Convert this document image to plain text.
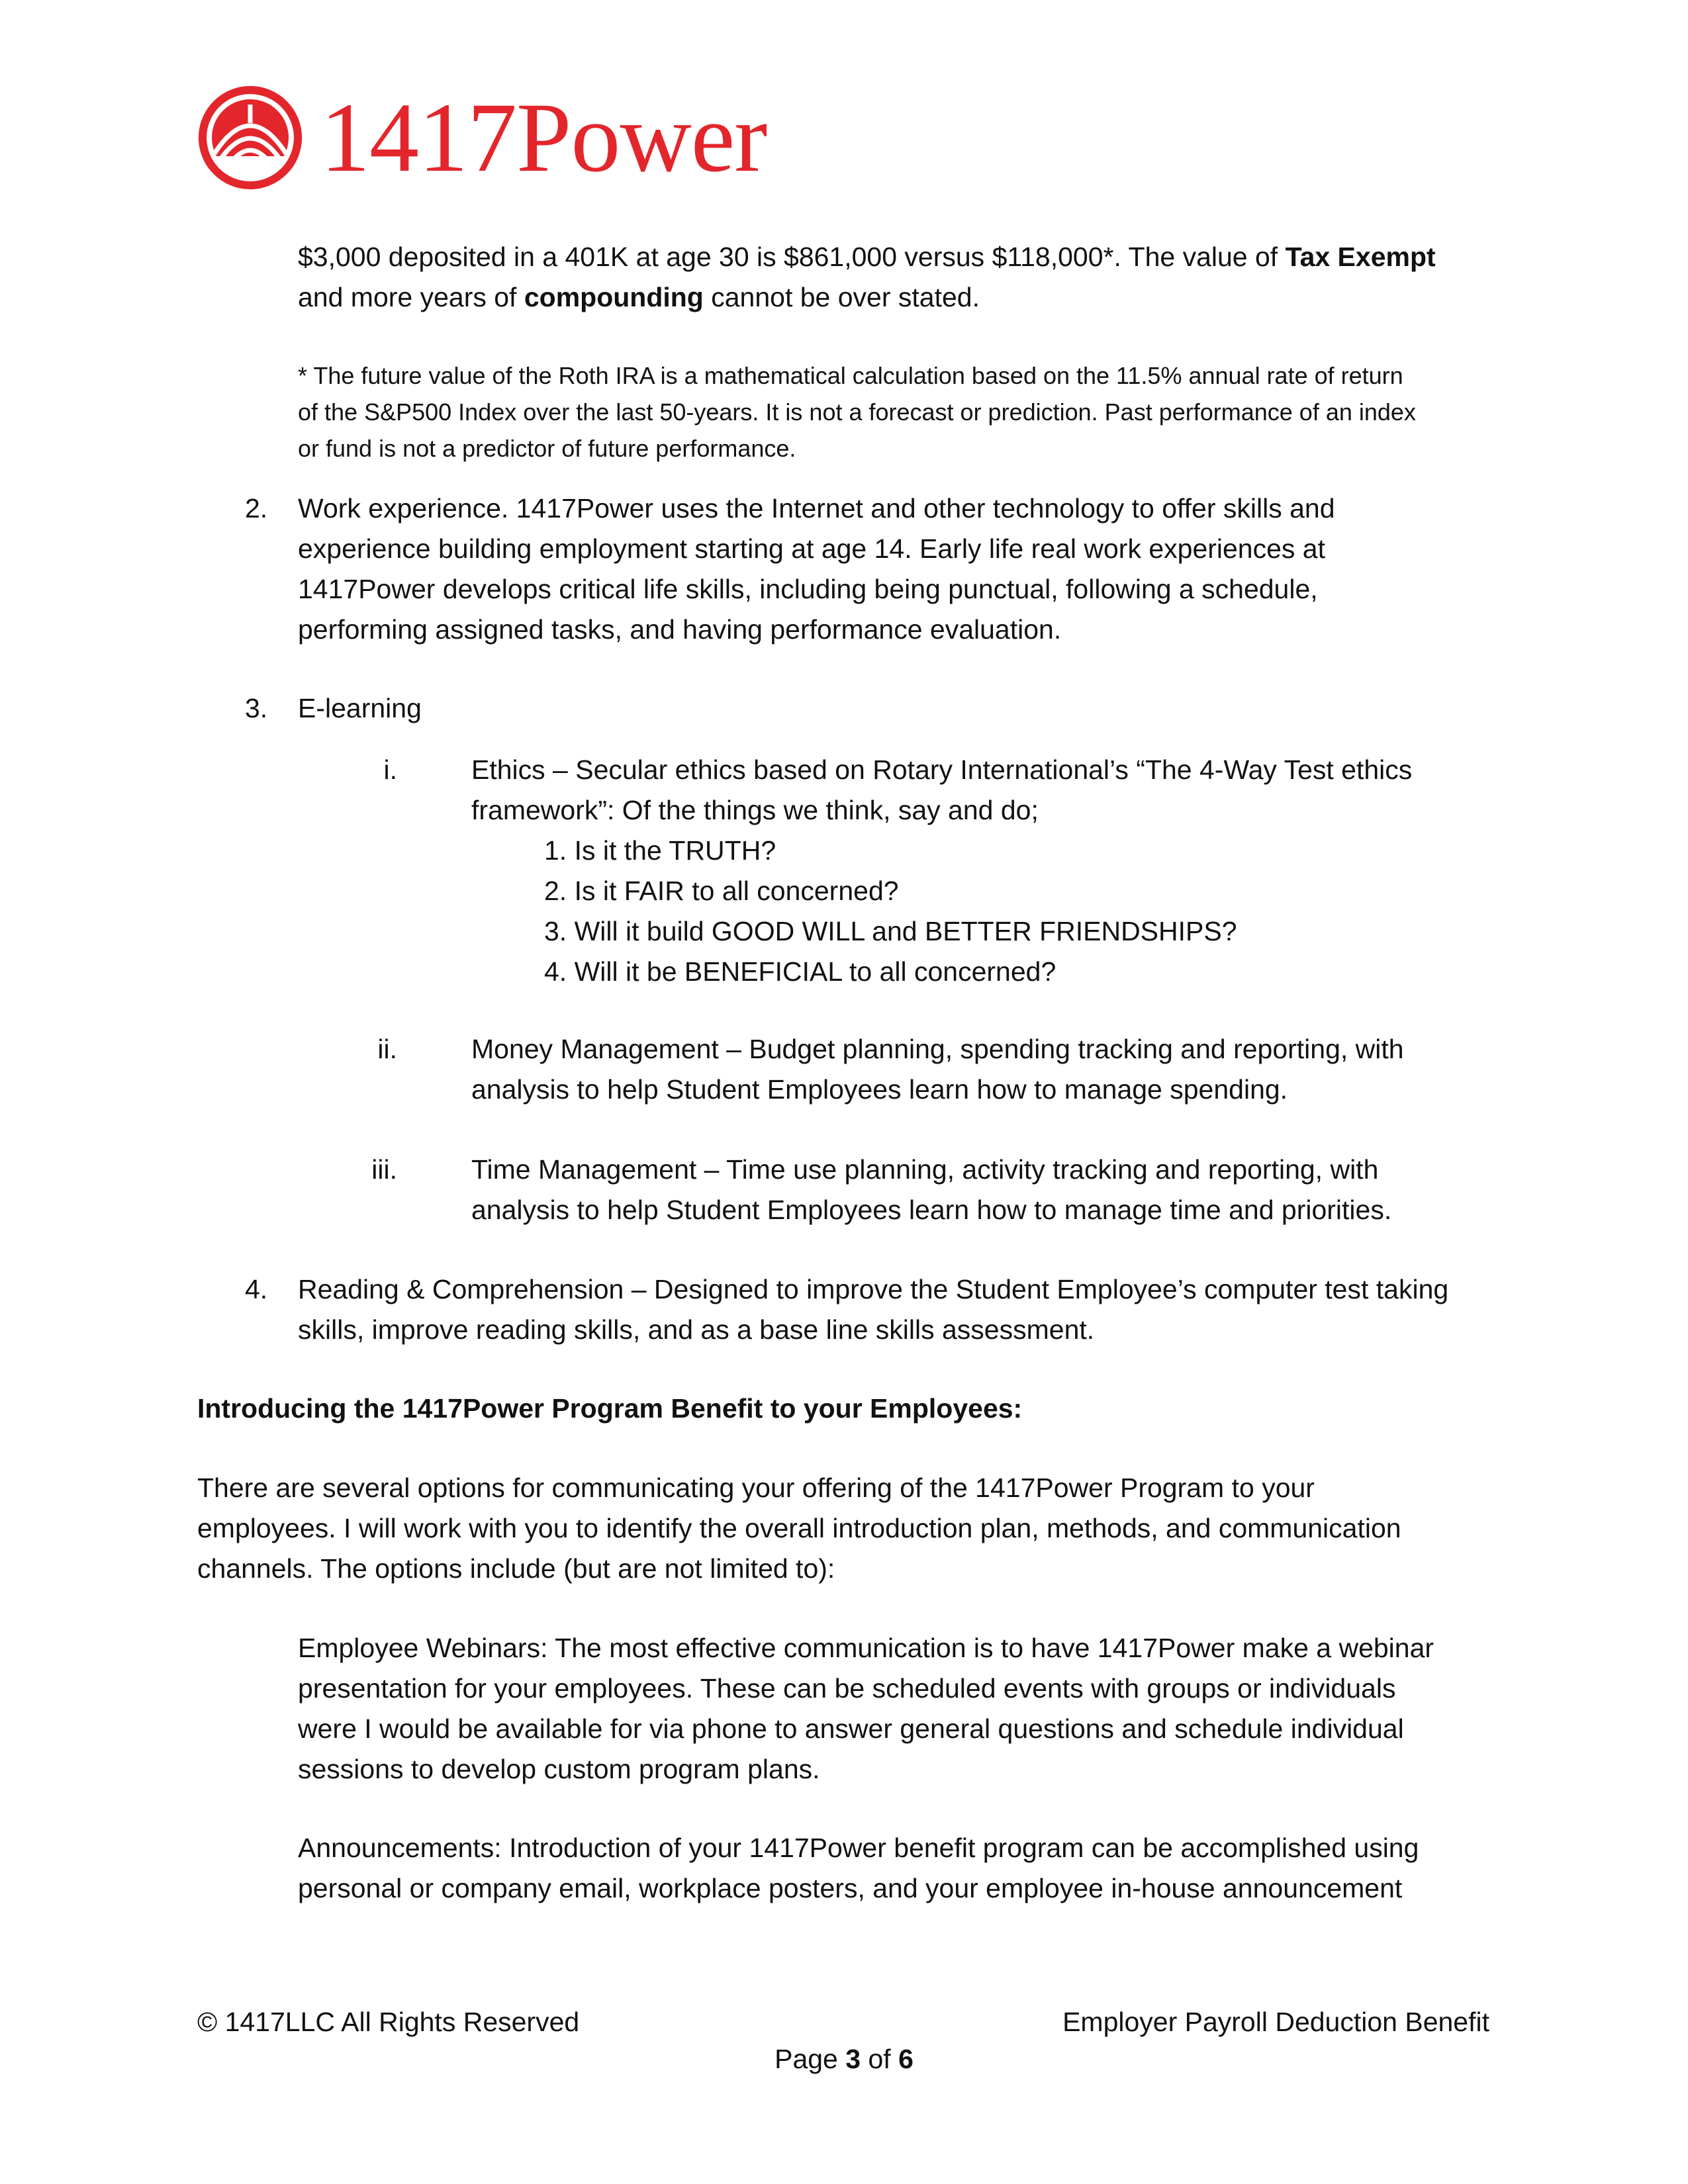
1417Power
$3,000 deposited in a 401K at age 30 is $861,000 versus $118,000*. The value of Tax Exempt
and more years of compounding cannot be over stated.
* The future value of the Roth IRA is a mathematical calculation based on the 11.5% annual rate of return
of the S&P500 Index over the last 50-years. It is not a forecast or prediction. Past performance of an index
or fund is not a predictor of future performance.
2. Work experience. 1417Power uses the Internet and other technology to offer skills and
experience building employment starting at age 14. Early life real work experiences at
1417Power develops critical life skills, including being punctual, following a schedule,
performing assigned tasks, and having performance evaluation.
3. E-learning
i.	Ethics – Secular ethics based on Rotary International’s “The 4-Way Test ethics
framework”: Of the things we think, say and do;
1. Is it the TRUTH?
2. Is it FAIR to all concerned?
3. Will it build GOOD WILL and BETTER FRIENDSHIPS?
4. Will it be BENEFICIAL to all concerned?
ii.	Money Management – Budget planning, spending tracking and reporting, with
analysis to help Student Employees learn how to manage spending.
iii.	Time Management – Time use planning, activity tracking and reporting, with
analysis to help Student Employees learn how to manage time and priorities.
4. Reading & Comprehension – Designed to improve the Student Employee’s computer test taking
skills, improve reading skills, and as a base line skills assessment.
Introducing the 1417Power Program Benefit to your Employees:
There are several options for communicating your offering of the 1417Power Program to your
employees. I will work with you to identify the overall introduction plan, methods, and communication
channels. The options include (but are not limited to):
Employee Webinars: The most effective communication is to have 1417Power make a webinar
presentation for your employees. These can be scheduled events with groups or individuals
were I would be available for via phone to answer general questions and schedule individual
sessions to develop custom program plans.
Announcements: Introduction of your 1417Power benefit program can be accomplished using
personal or company email, workplace posters, and your employee in-house announcement
© 1417LLC All Rights Reserved	Employer Payroll Deduction Benefit
Page 3 of 6
